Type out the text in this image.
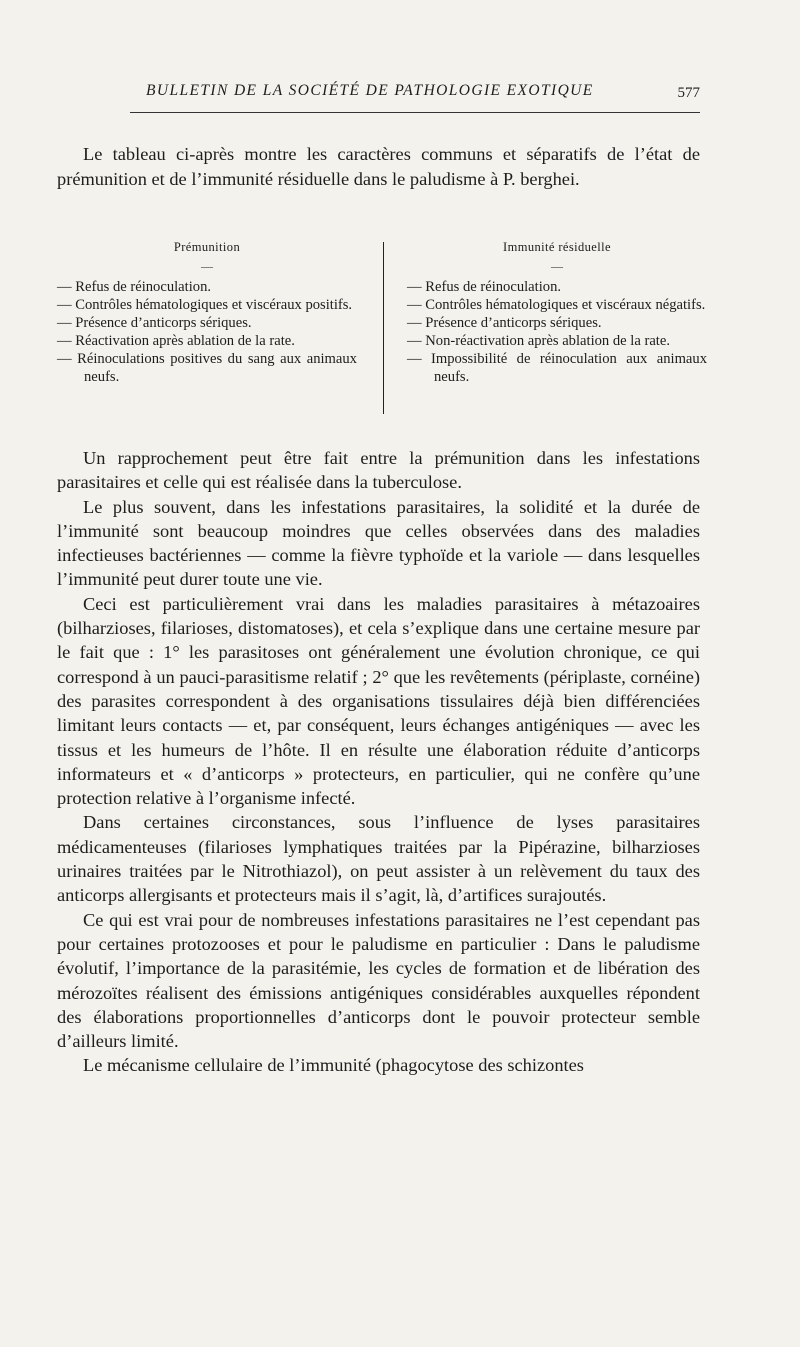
BULLETIN DE LA SOCIÉTÉ DE PATHOLOGIE EXOTIQUE	577
Le tableau ci-après montre les caractères communs et séparatifs de l’état de prémunition et de l’immunité résiduelle dans le paludisme à P. berghei.
Prémunition
—
— Refus de réinoculation.
— Contrôles hématologiques et viscéraux positifs.
— Présence d’anticorps sériques.
— Réactivation après ablation de la rate.
— Réinoculations positives du sang aux animaux neufs.
Immunité résiduelle
—
— Refus de réinoculation.
— Contrôles hématologiques et viscéraux négatifs.
— Présence d’anticorps sériques.
— Non-réactivation après ablation de la rate.
— Impossibilité de réinoculation aux animaux neufs.

Un rapprochement peut être fait entre la prémunition dans les infestations parasitaires et celle qui est réalisée dans la tuberculose.

Le plus souvent, dans les infestations parasitaires, la solidité et la durée de l’immunité sont beaucoup moindres que celles observées dans des maladies infectieuses bactériennes — comme la fièvre typhoïde et la variole — dans lesquelles l’immunité peut durer toute une vie.

Ceci est particulièrement vrai dans les maladies parasitaires à métazoaires (bilharzioses, filarioses, distomatoses), et cela s’explique dans une certaine mesure par le fait que : 1° les parasitoses ont généralement une évolution chronique, ce qui correspond à un pauci-parasitisme relatif ; 2° que les revêtements (périplaste, cornéine) des parasites correspondent à des organisations tissulaires déjà bien différenciées limitant leurs contacts — et, par conséquent, leurs échanges antigéniques — avec les tissus et les humeurs de l’hôte. Il en résulte une élaboration réduite d’anticorps informateurs et « d’anticorps » protecteurs, en particulier, qui ne confère qu’une protection relative à l’organisme infecté.

Dans certaines circonstances, sous l’influence de lyses parasitaires médicamenteuses (filarioses lymphatiques traitées par la Pipérazine, bilharzioses urinaires traitées par le Nitrothiazol), on peut assister à un relèvement du taux des anticorps allergisants et protecteurs mais il s’agit, là, d’artifices surajoutés.

Ce qui est vrai pour de nombreuses infestations parasitaires ne l’est cependant pas pour certaines protozooses et pour le paludisme en particulier : Dans le paludisme évolutif, l’importance de la parasitémie, les cycles de formation et de libération des mérozoïtes réalisent des émissions antigéniques considérables auxquelles répondent des élaborations proportionnelles d’anticorps dont le pouvoir protecteur semble d’ailleurs limité.

Le mécanisme cellulaire de l’immunité (phagocytose des schizontes
